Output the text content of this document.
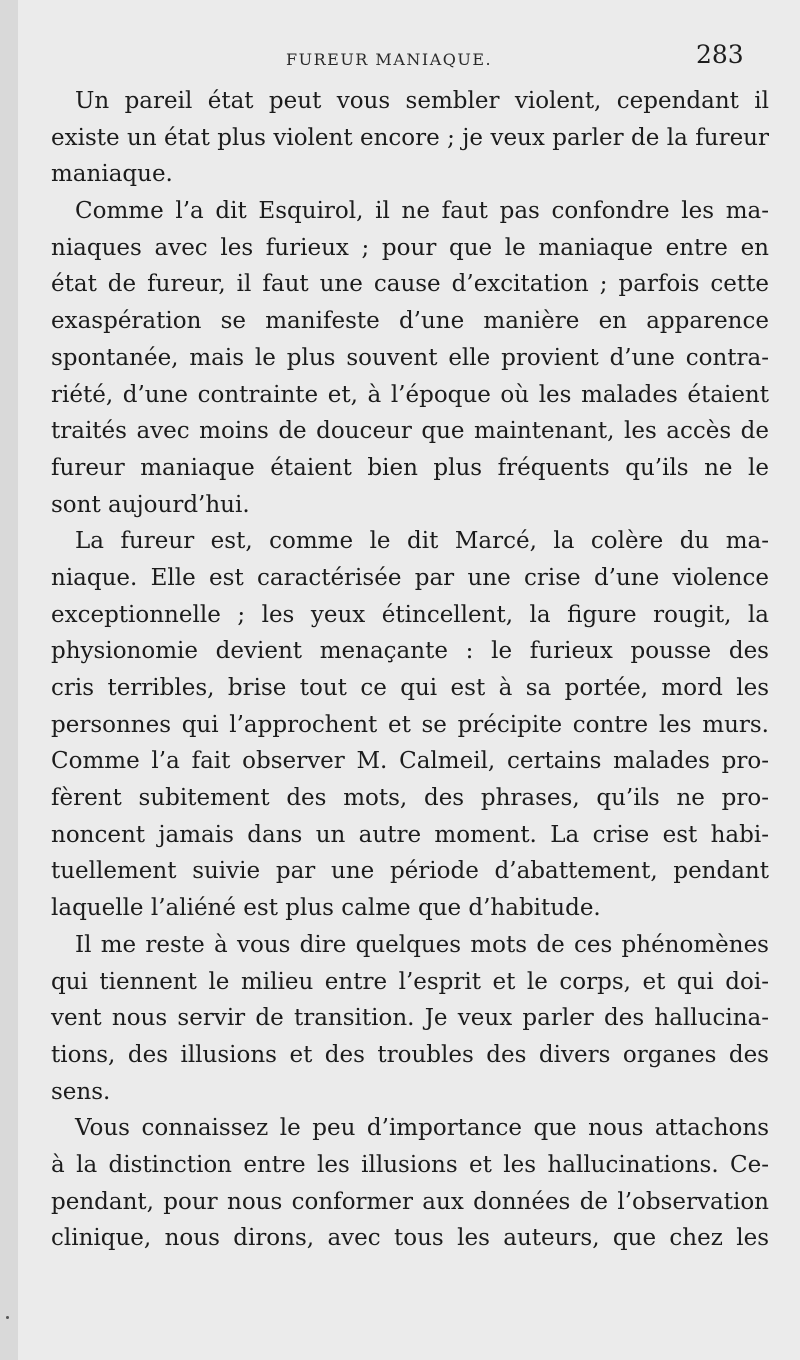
FUREUR MANIAQUE.	283
Un pareil état peut vous sembler violent, cependant il
existe un état plus violent encore ; je veux parler de la fureur
maniaque.
Comme l’a dit Esquirol, il ne faut pas confondre les ma-
niaques avec les furieux ; pour que le maniaque entre en
état de fureur, il faut une cause d’excitation ; parfois cette
exaspération se manifeste d’une manière en apparence
spontanée, mais le plus souvent elle provient d’une contra-
riété, d’une contrainte et, à l’époque où les malades étaient
traités avec moins de douceur que maintenant, les accès de
fureur maniaque étaient bien plus fréquents qu’ils ne le
sont aujourd’hui.
La fureur est, comme le dit Marcé, la colère du ma-
niaque. Elle est caractérisée par une crise d’une violence
exceptionnelle ; les yeux étincellent, la figure rougit, la
physionomie devient menaçante : le furieux pousse des
cris terribles, brise tout ce qui est à sa portée, mord les
personnes qui l’approchent et se précipite contre les murs.
Comme l’a fait observer M. Calmeil, certains malades pro-
fèrent subitement des mots, des phrases, qu’ils ne pro-
noncent jamais dans un autre moment. La crise est habi-
tuellement suivie par une période d’abattement, pendant
laquelle l’aliéné est plus calme que d’habitude.
Il me reste à vous dire quelques mots de ces phénomènes
qui tiennent le milieu entre l’esprit et le corps, et qui doi-
vent nous servir de transition. Je veux parler des hallucina-
tions, des illusions et des troubles des divers organes des
sens.
Vous connaissez le peu d’importance que nous attachons
à la distinction entre les illusions et les hallucinations. Ce-
pendant, pour nous conformer aux données de l’observation
clinique, nous dirons, avec tous les auteurs, que chez les
